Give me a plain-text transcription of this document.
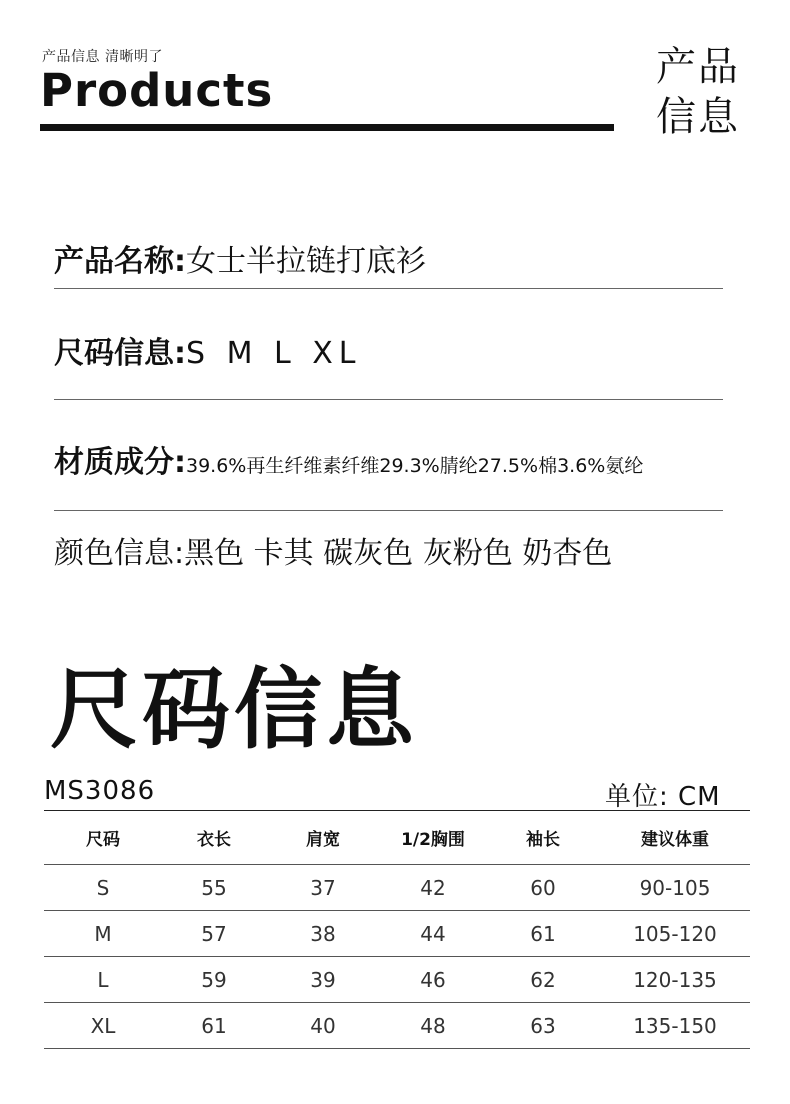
产品信息 清晰明了
Products	产品
信息
产品名称:女士半拉链打底衫
尺码信息:S M L XL
材质成分:39.6%再生纤维素纤维29.3%腈纶27.5%棉3.6%氨纶
颜色信息:黑色 卡其 碳灰色 灰粉色 奶杏色
尺码信息
MS3086	单位: CM
尺码	衣长	肩宽	1/2胸围	袖长	建议体重
S	55	37	42	60	90-105
M	57	38	44	61	105-120
L	59	39	46	62	120-135
XL	61	40	48	63	135-150
